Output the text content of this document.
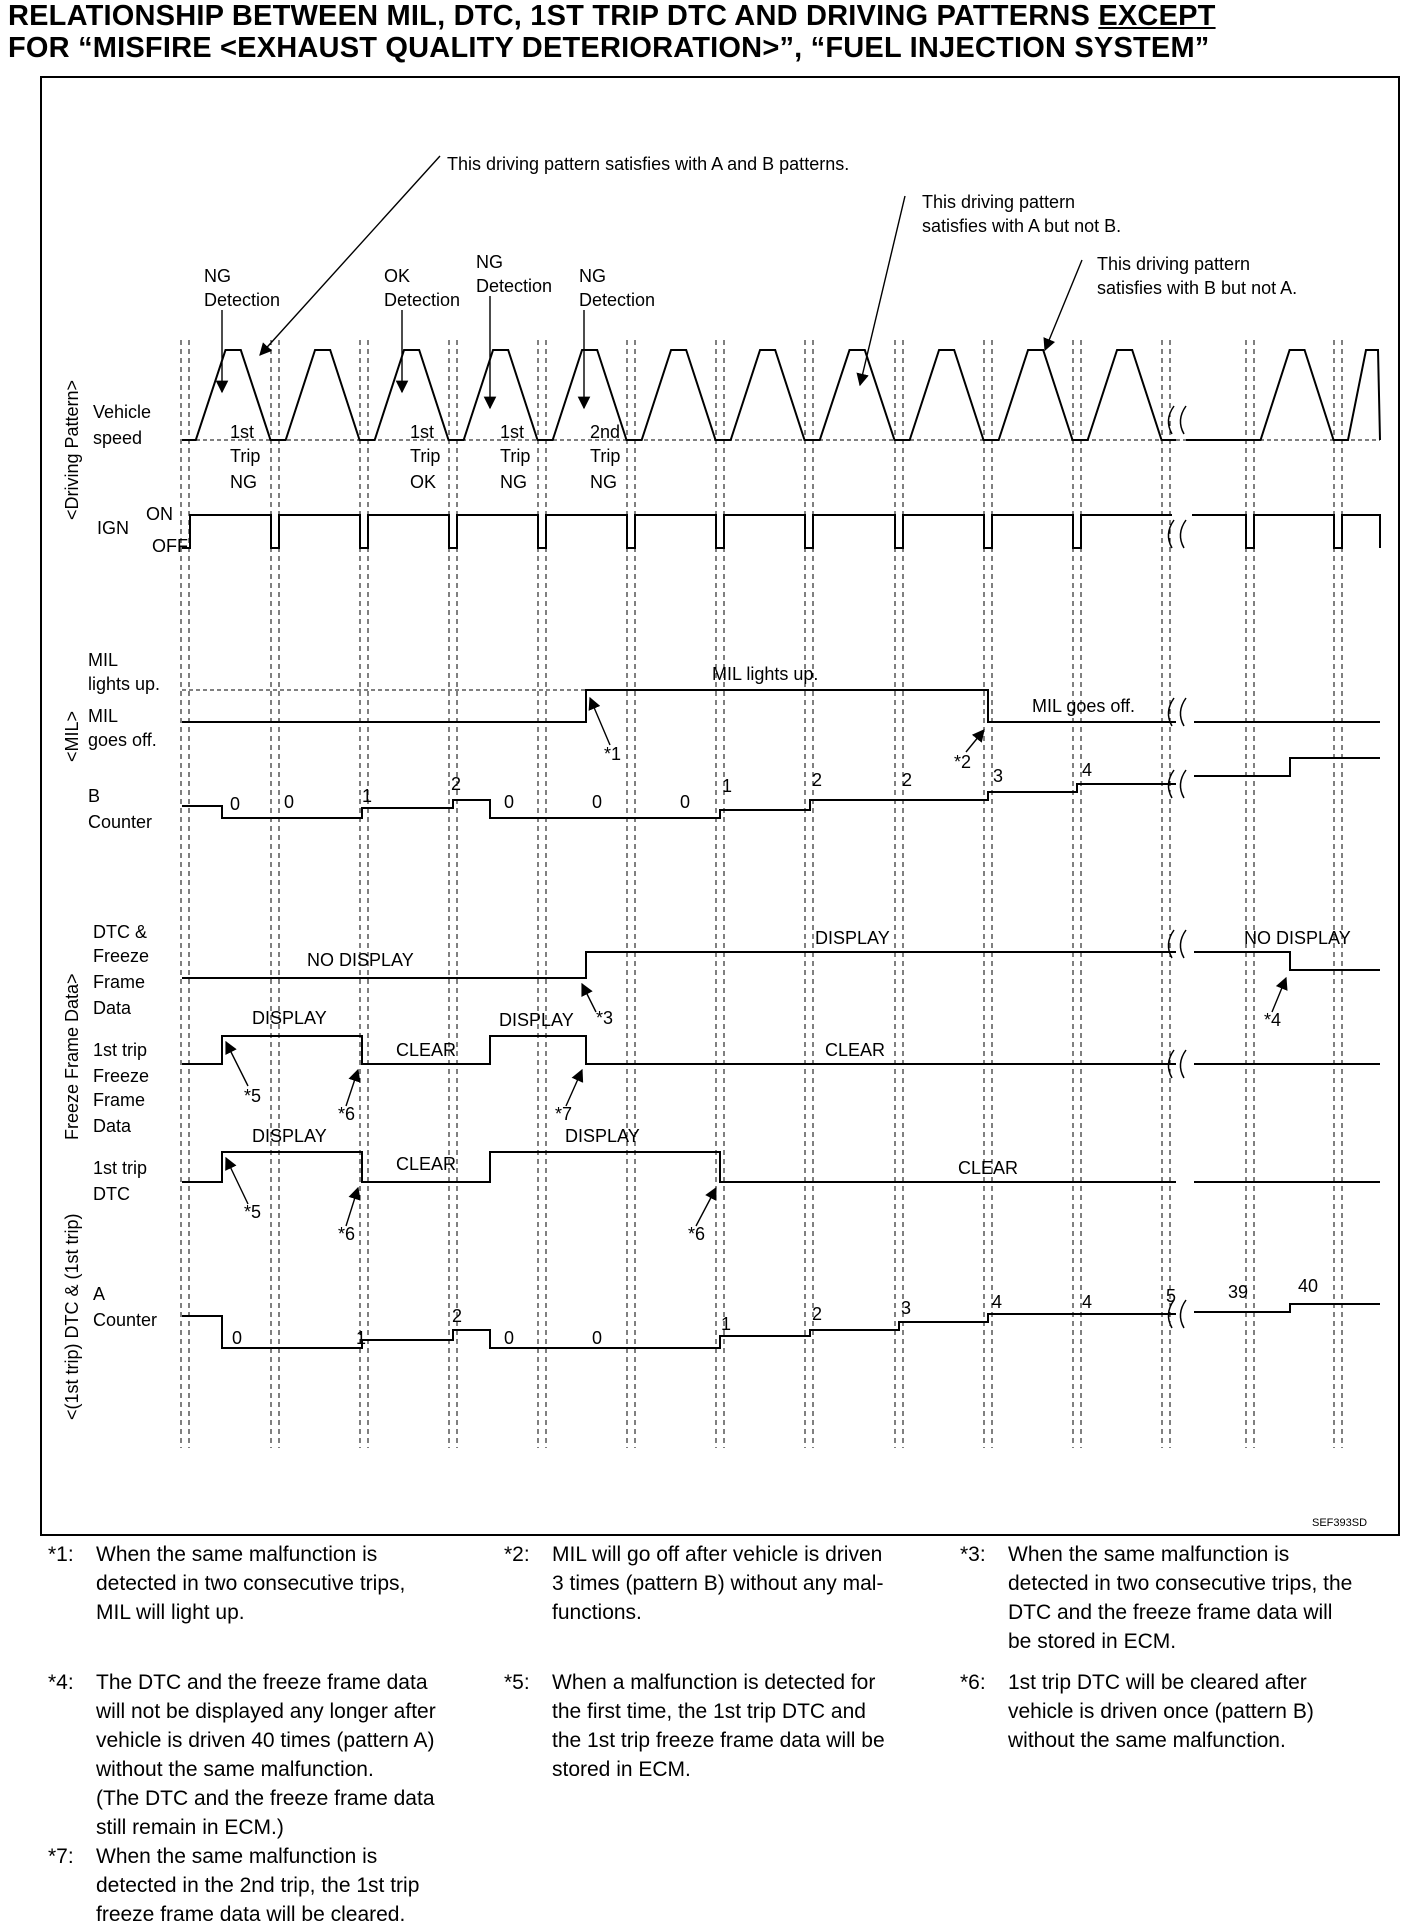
RELATIONSHIP BETWEEN MIL, DTC, 1ST TRIP DTC AND DRIVING PATTERNS EXCEPT
FOR “MISFIRE <EXHAUST QUALITY DETERIORATION>”, “FUEL INJECTION SYSTEM”
This driving pattern satisfies with A and B patterns.
This driving pattern
satisfies with A but not B.
This driving pattern
satisfies with B but not A.
NG
Detection
OK
Detection
NG
Detection NG
Detection
1st
Trip
NG
1st
Trip
OK
1st
Trip
NG
2nd
Trip
NG
<Driving Pattern>
<MIL>
Freeze Frame Data>
<(1st trip) DTC & (1st trip)
Vehicle
speed
IGN
ON
OFF
MIL
lights up.
MIL
goes off.
B
Counter
DTC &
Freeze
Frame
Data
1st trip
Freeze
Frame
Data
1st trip
DTC
A
Counter
MIL lights up.
MIL goes off.
NO DISPLAY
DISPLAY	NO DISPLAY
DISPLAY
CLEAR
DISPLAY
CLEAR
DISPLAY
CLEAR
DISPLAY
CLEAR
0 0	1
2
0	0	0
1	2	2	3	4
0	1
2
0	0
1	2	3	4	4	5	39	40
*1	*2
*3	*4
*5
*6	*7
*5
*6	*6
SEF393SD
*1: When the same malfunction is
detected in two consecutive trips,
MIL will light up.
*2: MIL will go off after vehicle is driven
3 times (pattern B) without any mal-
functions.
*3: When the same malfunction is
detected in two consecutive trips, the
DTC and the freeze frame data will
be stored in ECM.
*4: The DTC and the freeze frame data
will not be displayed any longer after
vehicle is driven 40 times (pattern A)
without the same malfunction.
(The DTC and the freeze frame data
still remain in ECM.)
*5: When a malfunction is detected for
the first time, the 1st trip DTC and
the 1st trip freeze frame data will be
stored in ECM.
*6: 1st trip DTC will be cleared after
vehicle is driven once (pattern B)
without the same malfunction.
*7: When the same malfunction is
detected in the 2nd trip, the 1st trip
freeze frame data will be cleared.
